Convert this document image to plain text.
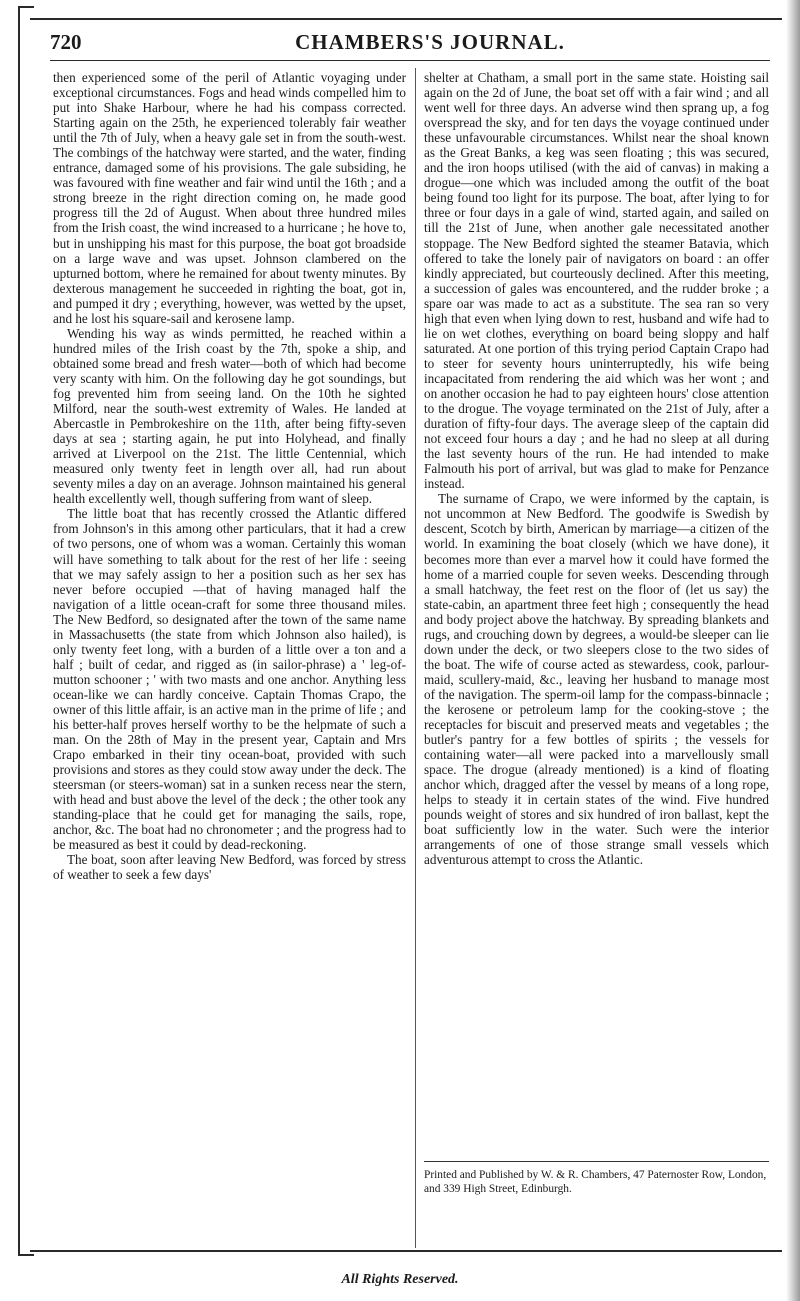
720	CHAMBERS'S JOURNAL.

then experienced some of the peril of Atlantic voyaging under exceptional circumstances. Fogs and head winds compelled him to put into Shake Harbour, where he had his compass corrected. Starting again on the 25th, he experienced tolerably fair weather until the 7th of July, when a heavy gale set in from the south-west. The combings of the hatchway were started, and the water, finding entrance, damaged some of his provisions. The gale subsiding, he was favoured with fine weather and fair wind until the 16th ; and a strong breeze in the right direction coming on, he made good progress till the 2d of August. When about three hundred miles from the Irish coast, the wind increased to a hurricane ; he hove to, but in unshipping his mast for this purpose, the boat got broadside on a large wave and was upset. Johnson clambered on the upturned bottom, where he remained for about twenty minutes. By dexterous management he succeeded in righting the boat, got in, and pumped it dry ; everything, however, was wetted by the upset, and he lost his square-sail and kerosene lamp.

Wending his way as winds permitted, he reached within a hundred miles of the Irish coast by the 7th, spoke a ship, and obtained some bread and fresh water—both of which had become very scanty with him. On the following day he got soundings, but fog prevented him from seeing land. On the 10th he sighted Milford, near the south-west extremity of Wales. He landed at Abercastle in Pembrokeshire on the 11th, after being fifty-seven days at sea ; starting again, he put into Holyhead, and finally arrived at Liverpool on the 21st. The little Centennial, which measured only twenty feet in length over all, had run about seventy miles a day on an average. Johnson maintained his general health excellently well, though suffering from want of sleep.

The little boat that has recently crossed the Atlantic differed from Johnson's in this among other particulars, that it had a crew of two persons, one of whom was a woman. Certainly this woman will have something to talk about for the rest of her life : seeing that we may safely assign to her a position such as her sex has never before occupied —that of having managed half the navigation of a little ocean-craft for some three thousand miles. The New Bedford, so designated after the town of the same name in Massachusetts (the state from which Johnson also hailed), is only twenty feet long, with a burden of a little over a ton and a half ; built of cedar, and rigged as (in sailor-phrase) a ' leg-of-mutton schooner ; ' with two masts and one anchor. Anything less ocean-like we can hardly conceive. Captain Thomas Crapo, the owner of this little affair, is an active man in the prime of life ; and his better-half proves herself worthy to be the helpmate of such a man. On the 28th of May in the present year, Captain and Mrs Crapo embarked in their tiny ocean-boat, provided with such provisions and stores as they could stow away under the deck. The steersman (or steers-woman) sat in a sunken recess near the stern, with head and bust above the level of the deck ; the other took any standing-place that he could get for managing the sails, rope, anchor, &c. The boat had no chronometer ; and the progress had to be measured as best it could by dead-reckoning.

The boat, soon after leaving New Bedford, was forced by stress of weather to seek a few days'

shelter at Chatham, a small port in the same state. Hoisting sail again on the 2d of June, the boat set off with a fair wind ; and all went well for three days. An adverse wind then sprang up, a fog overspread the sky, and for ten days the voyage continued under these unfavourable circumstances. Whilst near the shoal known as the Great Banks, a keg was seen floating ; this was secured, and the iron hoops utilised (with the aid of canvas) in making a drogue—one which was included among the outfit of the boat being found too light for its purpose. The boat, after lying to for three or four days in a gale of wind, started again, and sailed on till the 21st of June, when another gale necessitated another stoppage. The New Bedford sighted the steamer Batavia, which offered to take the lonely pair of navigators on board : an offer kindly appreciated, but courteously declined. After this meeting, a succession of gales was encountered, and the rudder broke ; a spare oar was made to act as a substitute. The sea ran so very high that even when lying down to rest, husband and wife had to lie on wet clothes, everything on board being sloppy and half saturated. At one portion of this trying period Captain Crapo had to steer for seventy hours uninterruptedly, his wife being incapacitated from rendering the aid which was her wont ; and on another occasion he had to pay eighteen hours' close attention to the drogue. The voyage terminated on the 21st of July, after a duration of fifty-four days. The average sleep of the captain did not exceed four hours a day ; and he had no sleep at all during the last seventy hours of the run. He had intended to make Falmouth his port of arrival, but was glad to make for Penzance instead.

The surname of Crapo, we were informed by the captain, is not uncommon at New Bedford. The goodwife is Swedish by descent, Scotch by birth, American by marriage—a citizen of the world. In examining the boat closely (which we have done), it becomes more than ever a marvel how it could have formed the home of a married couple for seven weeks. Descending through a small hatchway, the feet rest on the floor of (let us say) the state-cabin, an apartment three feet high ; consequently the head and body project above the hatchway. By spreading blankets and rugs, and crouching down by degrees, a would-be sleeper can lie down under the deck, or two sleepers close to the two sides of the boat. The wife of course acted as stewardess, cook, parlour-maid, scullery-maid, &c., leaving her husband to manage most of the navigation. The sperm-oil lamp for the compass-binnacle ; the kerosene or petroleum lamp for the cooking-stove ; the receptacles for biscuit and preserved meats and vegetables ; the butler's pantry for a few bottles of spirits ; the vessels for containing water—all were packed into a marvellously small space. The drogue (already mentioned) is a kind of floating anchor which, dragged after the vessel by means of a long rope, helps to steady it in certain states of the wind. Five hundred pounds weight of stores and six hundred of iron ballast, kept the boat sufficiently low in the water. Such were the interior arrangements of one of those strange small vessels which adventurous attempt to cross the Atlantic.

Printed and Published by W. & R. Chambers, 47 Paternoster Row, London, and 339 High Street, Edinburgh.
All Rights Reserved.
